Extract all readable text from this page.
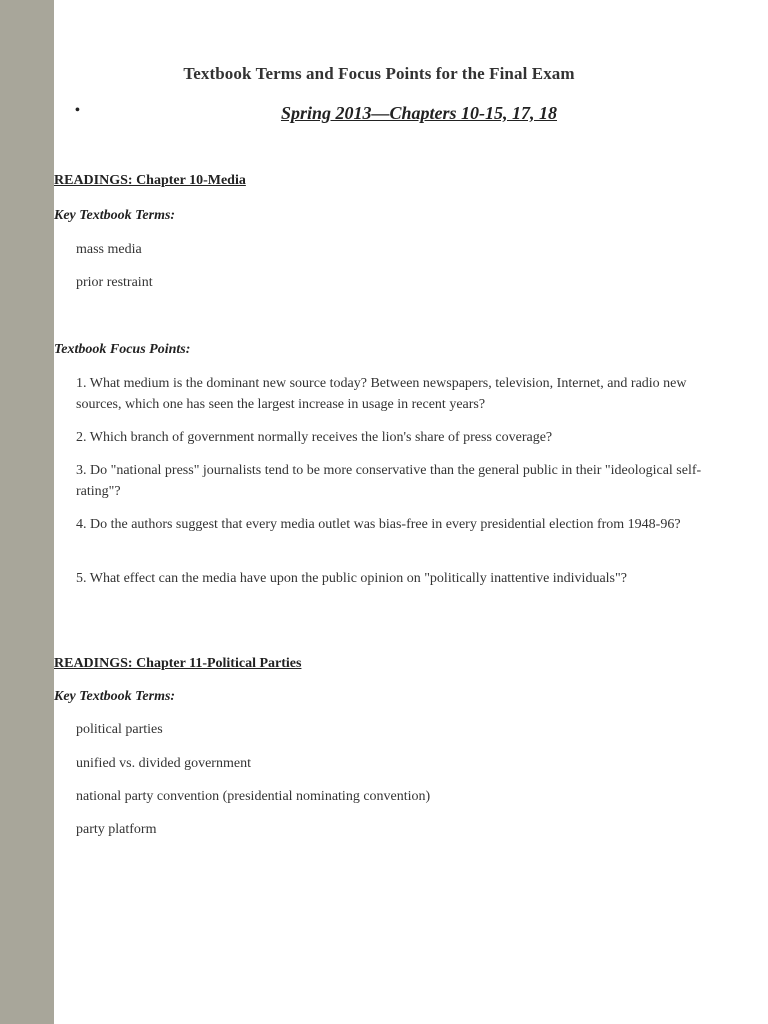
Textbook Terms and Focus Points for the Final Exam
•	Spring 2013—Chapters 10-15, 17, 18
READINGS: Chapter 10-Media
Key Textbook Terms:
mass media
prior restraint
Textbook Focus Points:
1. What medium is the dominant new source today? Between newspapers, television, Internet, and radio new sources, which one has seen the largest increase in usage in recent years?
2. Which branch of government normally receives the lion's share of press coverage?
3. Do "national press" journalists tend to be more conservative than the general public in their "ideological self-rating"?
4. Do the authors suggest that every media outlet was bias-free in every presidential election from 1948-96?
5. What effect can the media have upon the public opinion on "politically inattentive individuals"?
READINGS: Chapter 11-Political Parties
Key Textbook Terms:
political parties
unified vs. divided government
national party convention (presidential nominating convention)
party platform
